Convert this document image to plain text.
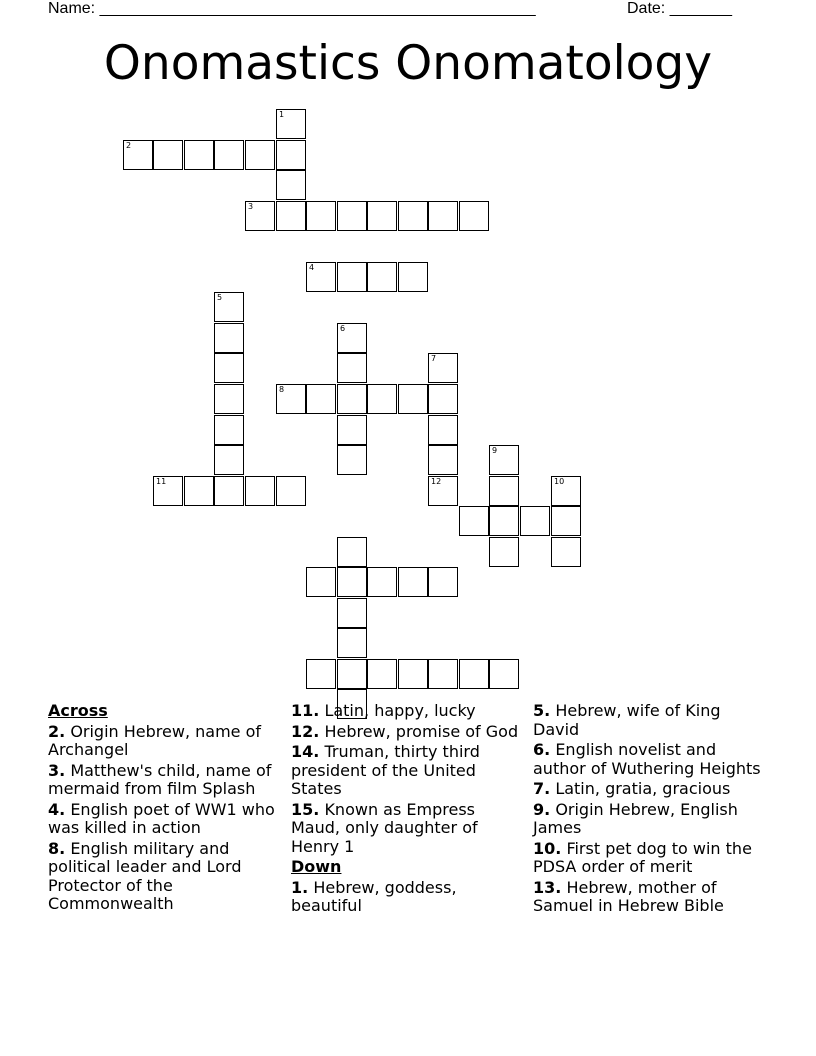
Name: _________________________________________________	Date: _______
Onomastics Onomatology
1
2
3
4
5
6
7
12
8
9
10
11
Across
2. Origin Hebrew, name of Archangel
3. Matthew's child, name of mermaid from film Splash
4. English poet of WW1 who was killed in action
8. English military and political leader and Lord Protector of the Commonwealth
11. Latin, happy, lucky
12. Hebrew, promise of God
14. Truman, thirty third president of the United States
15. Known as Empress Maud, only daughter of Henry 1
Down
1. Hebrew, goddess, beautiful
5. Hebrew, wife of King David
6. English novelist and author of Wuthering Heights
7. Latin, gratia, gracious
9. Origin Hebrew, English James
10. First pet dog to win the PDSA order of merit
13. Hebrew, mother of Samuel in Hebrew Bible
